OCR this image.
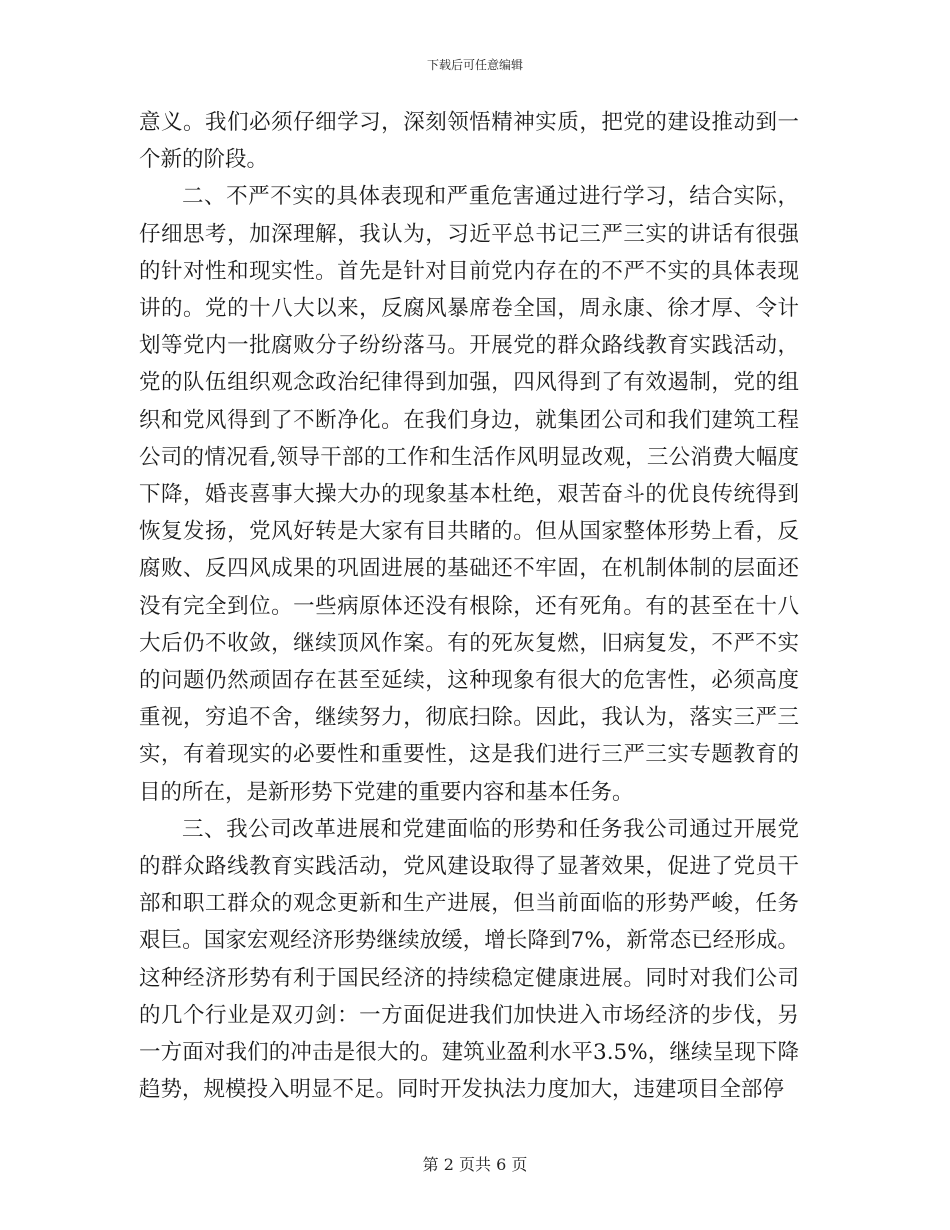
下载后可任意编辑

意义。我们必须仔细学习，深刻领悟精神实质，把党的建设推动到一个新的阶段。

二、不严不实的具体表现和严重危害通过进行学习，结合实际，仔细思考，加深理解，我认为，习近平总书记三严三实的讲话有很强的针对性和现实性。首先是针对目前党内存在的不严不实的具体表现讲的。党的十八大以来，反腐风暴席卷全国，周永康、徐才厚、令计划等党内一批腐败分子纷纷落马。开展党的群众路线教育实践活动，党的队伍组织观念政治纪律得到加强，四风得到了有效遏制，党的组织和党风得到了不断净化。在我们身边，就集团公司和我们建筑工程公司的情况看,领导干部的工作和生活作风明显改观，三公消费大幅度下降，婚丧喜事大操大办的现象基本杜绝，艰苦奋斗的优良传统得到恢复发扬，党风好转是大家有目共睹的。但从国家整体形势上看，反腐败、反四风成果的巩固进展的基础还不牢固，在机制体制的层面还没有完全到位。一些病原体还没有根除，还有死角。有的甚至在十八大后仍不收敛，继续顶风作案。有的死灰复燃，旧病复发，不严不实的问题仍然顽固存在甚至延续，这种现象有很大的危害性，必须高度重视，穷追不舍，继续努力，彻底扫除。因此，我认为，落实三严三实，有着现实的必要性和重要性，这是我们进行三严三实专题教育的目的所在，是新形势下党建的重要内容和基本任务。

三、我公司改革进展和党建面临的形势和任务我公司通过开展党的群众路线教育实践活动，党风建设取得了显著效果，促进了党员干部和职工群众的观念更新和生产进展，但当前面临的形势严峻，任务艰巨。国家宏观经济形势继续放缓，增长降到7%，新常态已经形成。这种经济形势有利于国民经济的持续稳定健康进展。同时对我们公司的几个行业是双刃剑：一方面促进我们加快进入市场经济的步伐，另一方面对我们的冲击是很大的。建筑业盈利水平3.5%，继续呈现下降趋势，规模投入明显不足。同时开发执法力度加大，违建项目全部停

第 2 页共 6 页
